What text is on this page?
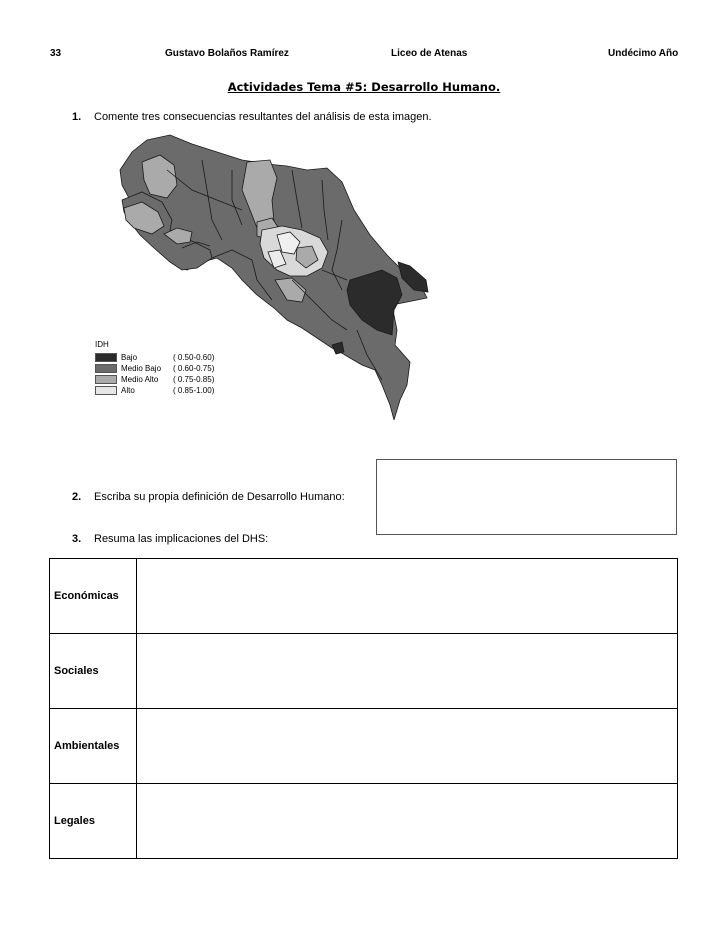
33	Gustavo Bolaños Ramírez	Liceo de Atenas	Undécimo Año
Actividades Tema #5: Desarrollo Humano.
1. Comente tres consecuencias resultantes del análisis de esta imagen.
IDH
Bajo	( 0.50-0.60)
Medio Bajo	( 0.60-0.75)
Medio Alto	( 0.75-0.85)
Alto	( 0.85-1.00)
2. Escriba su propia definición de Desarrollo Humano:
3. Resuma las implicaciones del DHS:
Económicas	
Sociales	
Ambientales	
Legales	
